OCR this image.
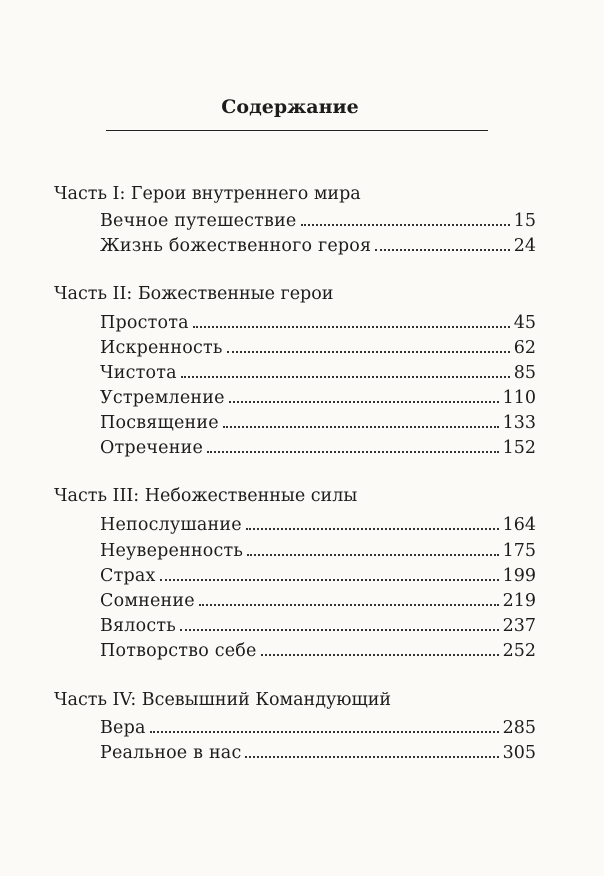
Содержание
Часть I: Герои внутреннего мира
Вечное путешествие	15
Жизнь божественного героя	24
Часть II: Божественные герои
Простота	45
Искренность	62
Чистота	85
Устремление	110
Посвящение	133
Отречение	152
Часть III: Небожественные силы
Непослушание	164
Неуверенность	175
Страх	199
Сомнение	219
Вялость	237
Потворство себе	252
Часть IV: Всевышний Командующий
Вера	285
Реальное в нас	305
